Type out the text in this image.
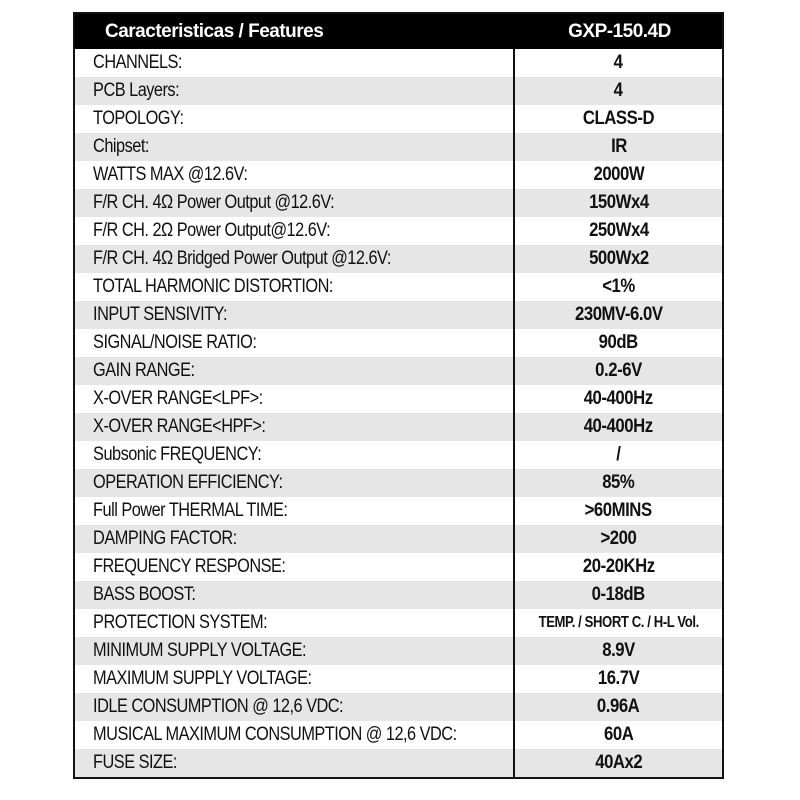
Caracteristicas / Features	GXP-150.4D
CHANNELS:	4
PCB Layers:	4
TOPOLOGY:	CLASS-D
Chipset:	IR
WATTS MAX @12.6V:	2000W
F/R CH. 4Ω Power Output @12.6V:	150Wx4
F/R CH. 2Ω Power Output@12.6V:	250Wx4
F/R CH. 4Ω Bridged Power Output @12.6V:	500Wx2
TOTAL HARMONIC DISTORTION:	<1%
INPUT SENSIVITY:	230MV-6.0V
SIGNAL/NOISE RATIO:	90dB
GAIN RANGE:	0.2-6V
X-OVER RANGE<LPF>:	40-400Hz
X-OVER RANGE<HPF>:	40-400Hz
Subsonic FREQUENCY:	/
OPERATION EFFICIENCY:	85%
Full Power THERMAL TIME:	>60MINS
DAMPING FACTOR:	>200
FREQUENCY RESPONSE:	20-20KHz
BASS BOOST:	0-18dB
PROTECTION SYSTEM:	TEMP. / SHORT C. / H-L Vol.
MINIMUM SUPPLY VOLTAGE:	8.9V
MAXIMUM SUPPLY VOLTAGE:	16.7V
IDLE CONSUMPTION @ 12,6 VDC:	0.96A
MUSICAL MAXIMUM CONSUMPTION @ 12,6 VDC:	60A
FUSE SIZE:	40Ax2
